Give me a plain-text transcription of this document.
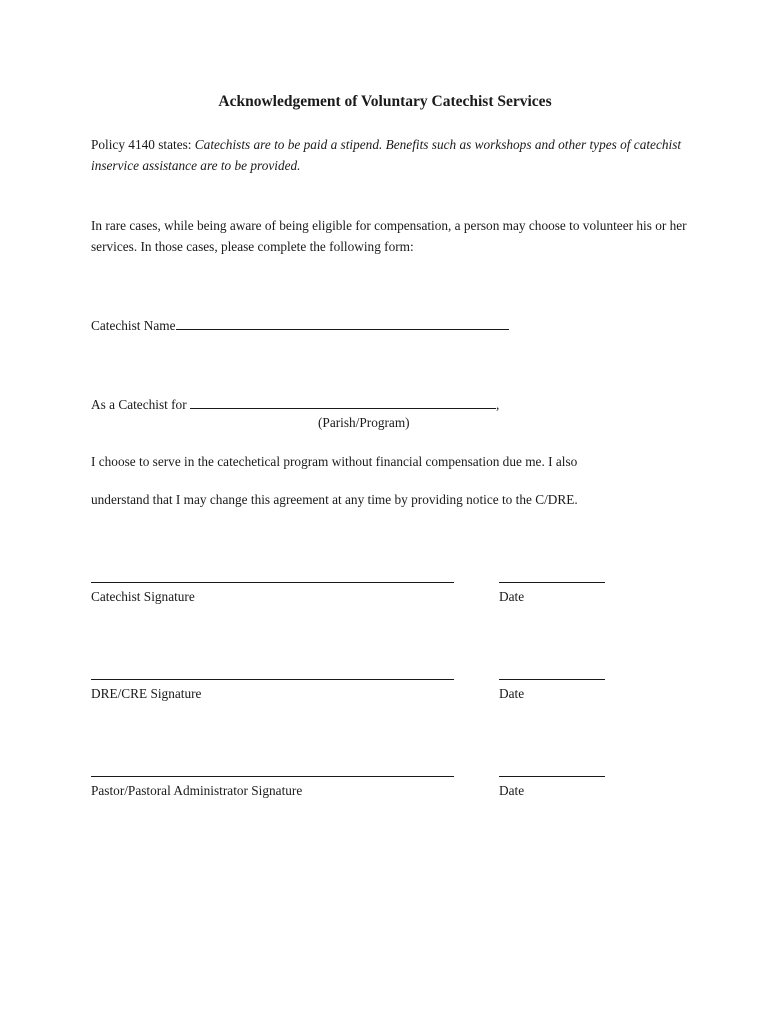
Acknowledgement of Voluntary Catechist Services
Policy 4140 states: Catechists are to be paid a stipend. Benefits such as workshops and other types of catechist inservice assistance are to be provided.
In rare cases, while being aware of being eligible for compensation, a person may choose to volunteer his or her services. In those cases, please complete the following form:
Catechist Name
As a Catechist for	,
(Parish/Program)
I choose to serve in the catechetical program without financial compensation due me. I also
understand that I may change this agreement at any time by providing notice to the C/DRE.
Catechist Signature	Date
DRE/CRE Signature	Date
Pastor/Pastoral Administrator Signature	Date
